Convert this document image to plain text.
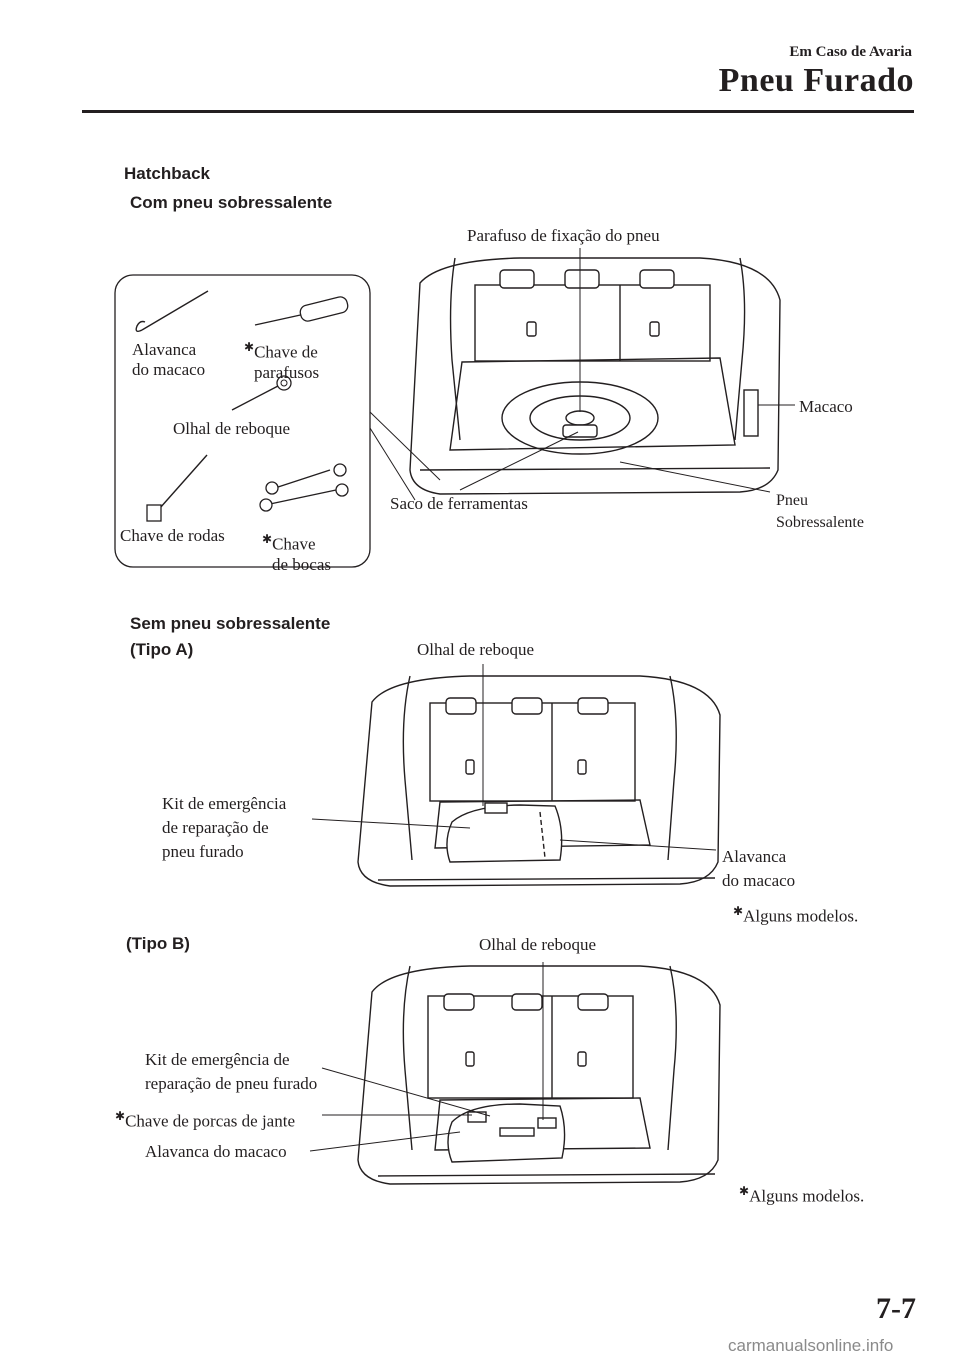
Em Caso de Avaria
Pneu Furado
Hatchback
Com pneu sobressalente
Sem pneu sobressalente
(Tipo A)
(Tipo B)
Alavanca
do macaco
✱Chave de
parafusos
Olhal de reboque
Chave de rodas	✱Chave
de bocas
Parafuso de fixação do pneu
Macaco
Saco de ferramentas	Pneu
Sobressalente
Olhal de reboque
Kit de emergência
de reparação de
pneu furado	Alavanca
do macaco
✱Alguns modelos.
Olhal de reboque
Kit de emergência de
reparação de pneu furado
✱Chave de porcas de jante
Alavanca do macaco
✱Alguns modelos.
7-7
carmanualsonline.info
